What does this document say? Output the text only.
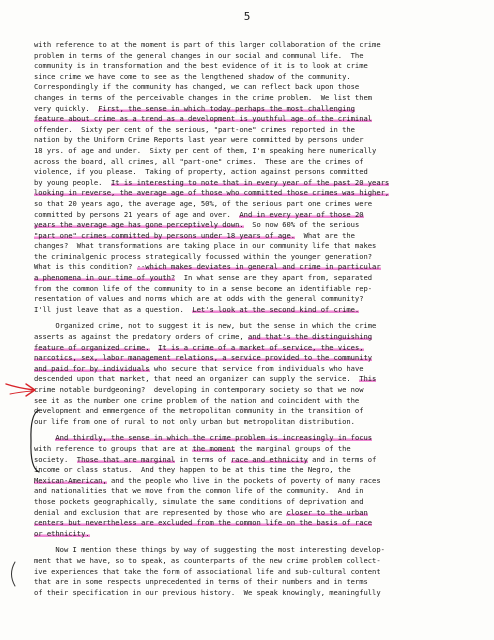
5
with reference to at the moment is part of this larger collaboration of the crime
problem in terms of the general changes in our social and communal life.  The
community is in transformation and the best evidence of it is to look at crime
since crime we have come to see as the lengthened shadow of the community.
Correspondingly if the community has changed, we can reflect back upon those
changes in terms of the perceivable changes in the crime problem.  We list them
very quickly.  First, the sense in which today perhaps the most challenging
feature about crime as a trend as a development is youthful age of the criminal
offender.  Sixty per cent of the serious, "part-one" crimes reported in the
nation by the Uniform Crime Reports last year were committed by persons under
18 yrs. of age and under.  Sixty per cent of them, I'm speaking here numerically
across the board, all crimes, all "part-one" crimes.  These are the crimes of
violence, if you please.  Taking of property, action against persons committed
by young people.  It is interesting to note that in every year of the past 20 years
looking in reverse, the average age of those who committed those crimes was higher,
so that 20 years ago, the average age, 50%, of the serious part one crimes were
committed by persons 21 years of age and over.  And in every year of those 20
years the average age has gone perceptively down.  So now 60% of the serious
"part one" crimes committed by persons under 18 years of age.  What are the
changes?  What transformations are taking place in our community life that makes
the criminalgenic process strategically focussed within the younger generation?
What is this condition? --which makes deviates in general and crime in particular
a phenomena in our time of youth?  In what sense are they apart from, separated
from the common life of the community to in a sense become an identifiable rep-
resentation of values and norms which are at odds with the general community?
I'll just leave that as a question.  Let's look at the second kind of crime.
Organized crime, not to suggest it is new, but the sense in which the crime
asserts as against the predatory orders of crime, and that's the distinguishing
feature of organized crime. It is a crime of a market of service, the vices,
narcotics, sex, labor management relations, a service provided to the community
and paid for by individuals who secure that service from individuals who have
descended upon that market, that need an organizer can supply the service.  This
crime notable burdgeoning?  developing in contemporary society so that we now
see it as the number one crime problem of the nation and coincident with the
development and emmergence of the metropolitan community in the transition of
our life from one of rural to not only urban but metropolitan distribution.
And thirdly, the sense in which the crime problem is increasingly in focus
with reference to groups that are at the moment the marginal groups of the
society.  Those that are marginal in terms of race and ethnicity and in terms of
income or class status.  And they happen to be at this time the Negro, the
Mexican-American, and the people who live in the pockets of poverty of many races
and nationalities that we move from the common life of the community.  And in
those pockets geographically, simulate the same conditions of deprivation and
denial and exclusion that are represented by those who are closer to the urban
centers but nevertheless are excluded from the common life on the basis of race
or ethnicity.
Now I mention these things by way of suggesting the most interesting develop-
ment that we have, so to speak, as counterparts of the new crime problem collect-
ive experiences that take the form of associational life and sub-cultural content
that are in some respects unprecedented in terms of their numbers and in terms
of their specification in our previous history.  We speak knowingly, meaningfully
